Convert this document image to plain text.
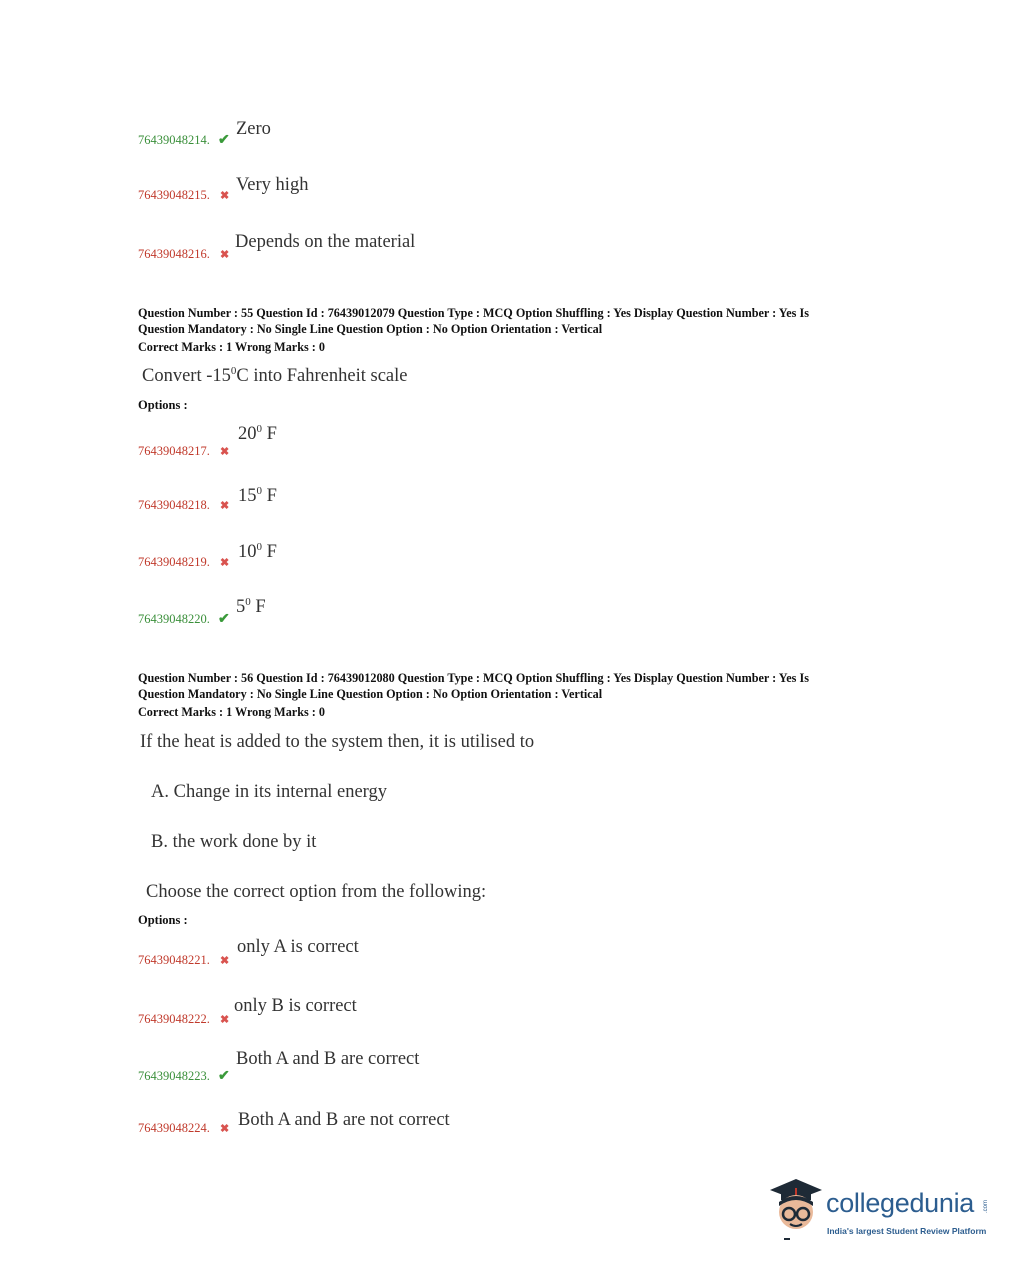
76439048214. ✔
Zero
76439048215. ✖
Very high
76439048216. ✖
Depends on the material
Question Number : 55 Question Id : 76439012079 Question Type : MCQ Option Shuffling : Yes Display Question Number : Yes Is
Question Mandatory : No Single Line Question Option : No Option Orientation : Vertical
Correct Marks : 1 Wrong Marks : 0
Convert $-15^0C$ into Fahrenheit scale
Options :
76439048217. ✖
$20^0$ F
76439048218. ✖ $15^0$ F
76439048219. ✖
$10^0$ F
76439048220. ✔
$5^0$ F
Question Number : 56 Question Id : 76439012080 Question Type : MCQ Option Shuffling : Yes Display Question Number : Yes Is
Question Mandatory : No Single Line Question Option : No Option Orientation : Vertical
Correct Marks : 1 Wrong Marks : 0
If the heat is added to the system then, it is utilised to
A. Change in its internal energy
B. the work done by it
Choose the correct option from the following:
Options :
76439048221. ✖
only A is correct
76439048222. ✖
only B is correct
76439048223. ✔
Both A and B are correct
76439048224. ✖ Both A and B are not correct
collegedunia .com
India's largest Student Review Platform
